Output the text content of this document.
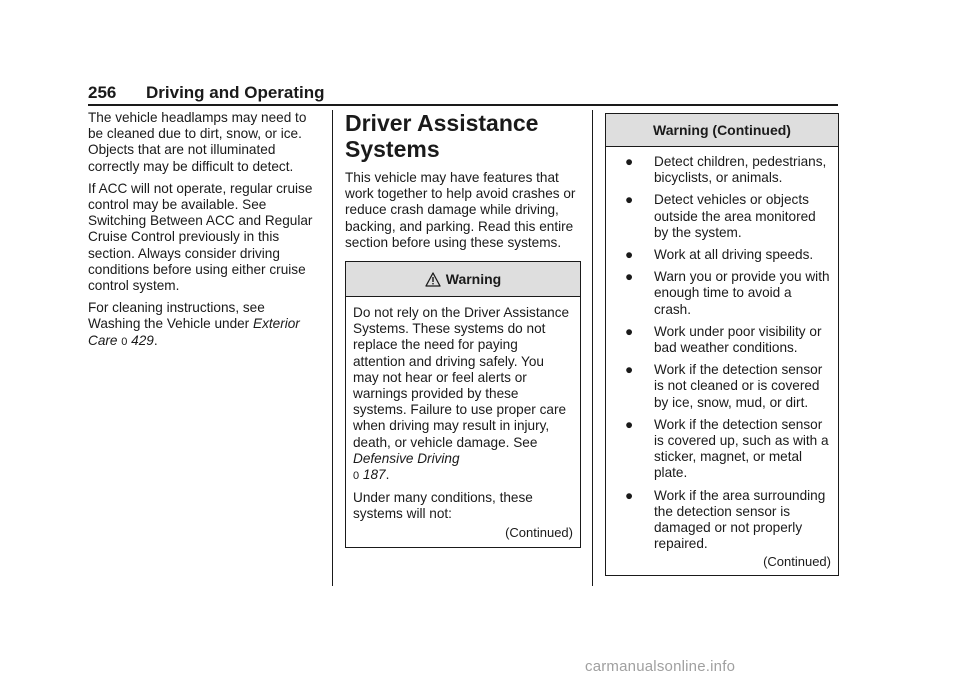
256 Driving and Operating

The vehicle headlamps may need to be cleaned due to dirt, snow, or ice. Objects that are not illuminated correctly may be difficult to detect.

If ACC will not operate, regular cruise control may be available. See Switching Between ACC and Regular Cruise Control previously in this section. Always consider driving conditions before using either cruise control system.

For cleaning instructions, see Washing the Vehicle under Exterior Care 0 429.

Driver Assistance Systems

This vehicle may have features that work together to help avoid crashes or reduce crash damage while driving, backing, and parking. Read this entire section before using these systems.

Warning

Do not rely on the Driver Assistance Systems. These systems do not replace the need for paying attention and driving safely. You may not hear or feel alerts or warnings provided by these systems. Failure to use proper care when driving may result in injury, death, or vehicle damage. See Defensive Driving
0 187.

Under many conditions, these systems will not:

(Continued)
Warning (Continued)
● Detect children, pedestrians, bicyclists, or animals.
● Detect vehicles or objects outside the area monitored by the system.
● Work at all driving speeds.
● Warn you or provide you with enough time to avoid a crash.
● Work under poor visibility or bad weather conditions.
● Work if the detection sensor is not cleaned or is covered by ice, snow, mud, or dirt.
● Work if the detection sensor is covered up, such as with a sticker, magnet, or metal plate.
● Work if the area surrounding the detection sensor is damaged or not properly repaired.
(Continued)
carmanualsonline.info
